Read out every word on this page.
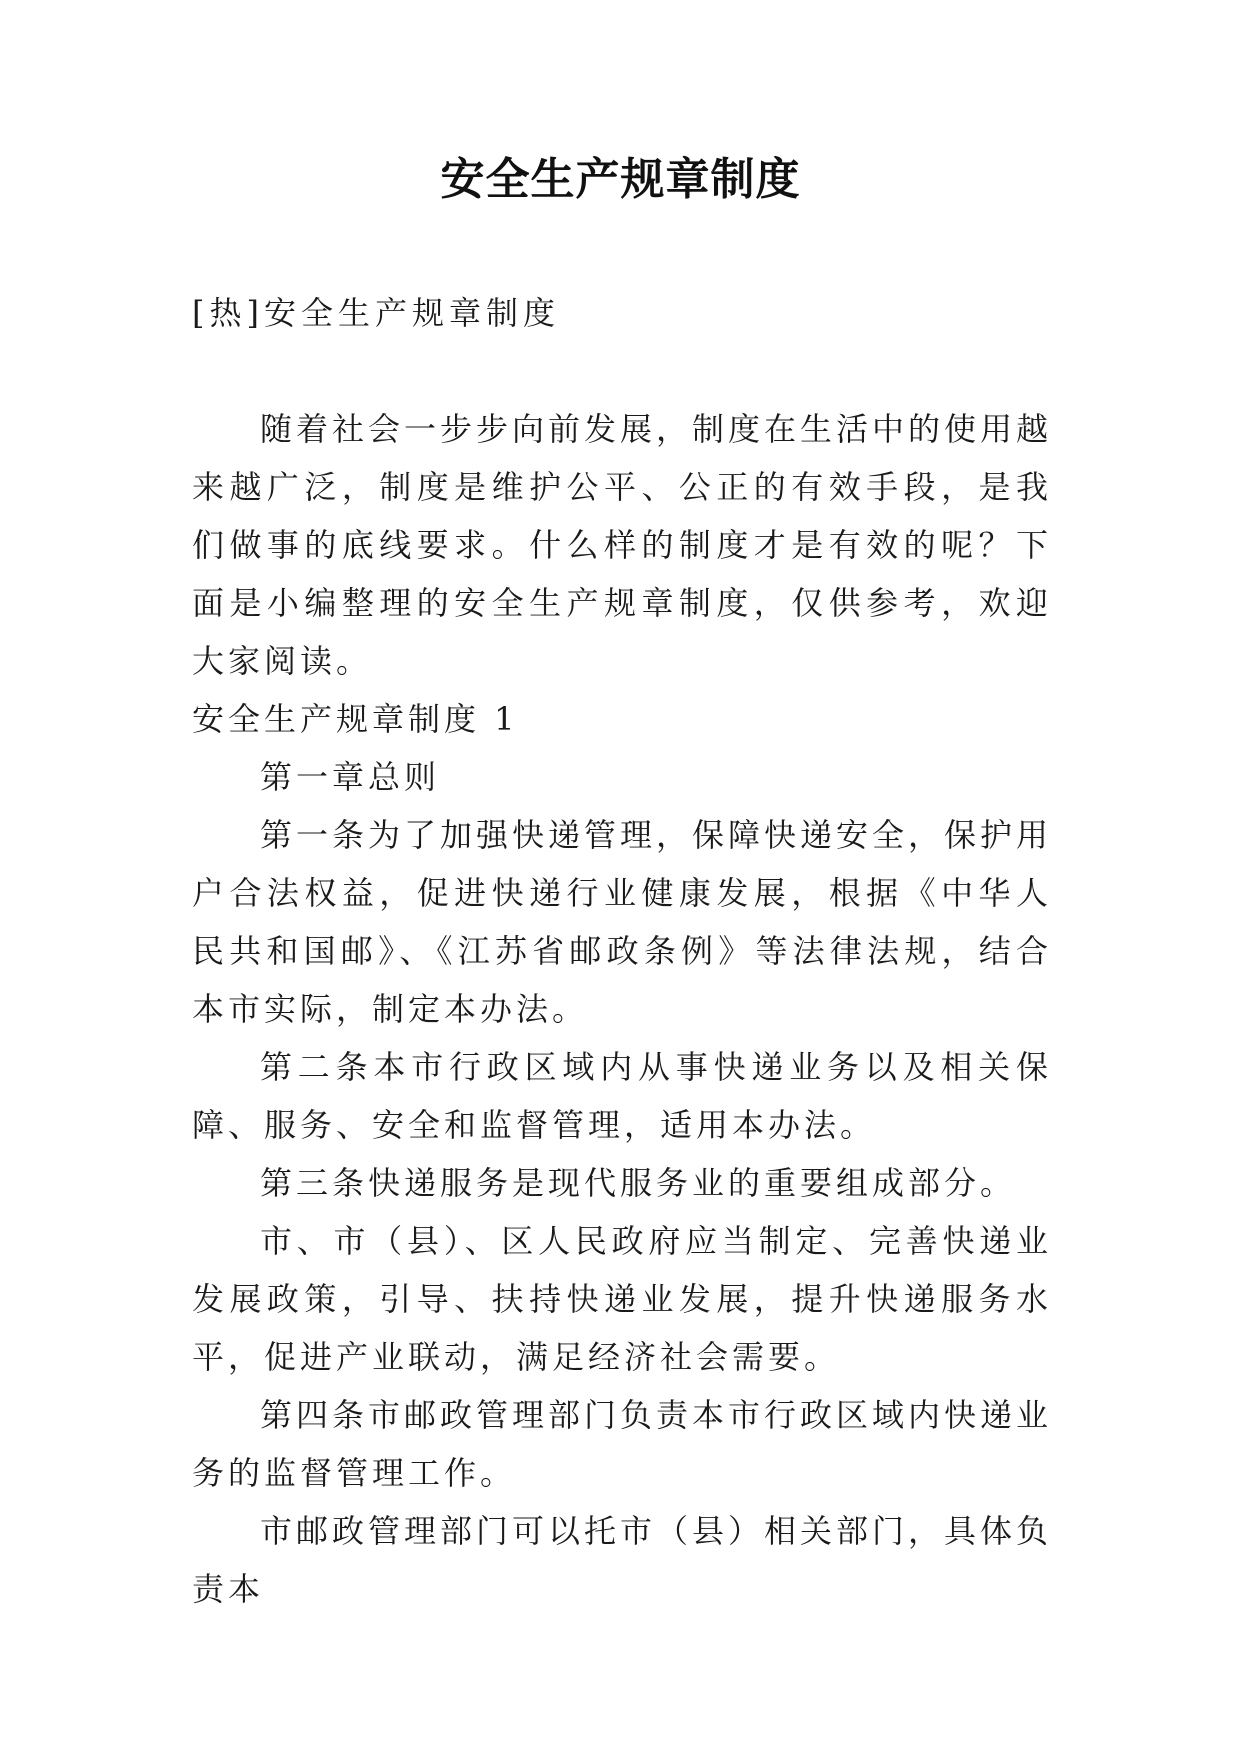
安全生产规章制度
[热]安全生产规章制度

随着社会一步步向前发展，制度在生活中的使用越来越广泛，制度是维护公平、公正的有效手段，是我们做事的底线要求。什么样的制度才是有效的呢？下面是小编整理的安全生产规章制度，仅供参考，欢迎大家阅读。

安全生产规章制度 1

第一章总则

第一条为了加强快递管理，保障快递安全，保护用户合法权益，促进快递行业健康发展，根据《中华人民共和国邮》、《江苏省邮政条例》等法律法规，结合本市实际，制定本办法。

第二条本市行政区域内从事快递业务以及相关保障、服务、安全和监督管理，适用本办法。

第三条快递服务是现代服务业的重要组成部分。

市、市（县）、区人民政府应当制定、完善快递业发展政策，引导、扶持快递业发展，提升快递服务水平，促进产业联动，满足经济社会需要。

第四条市邮政管理部门负责本市行政区域内快递业务的监督管理工作。

市邮政管理部门可以托市（县）相关部门，具体负责本
